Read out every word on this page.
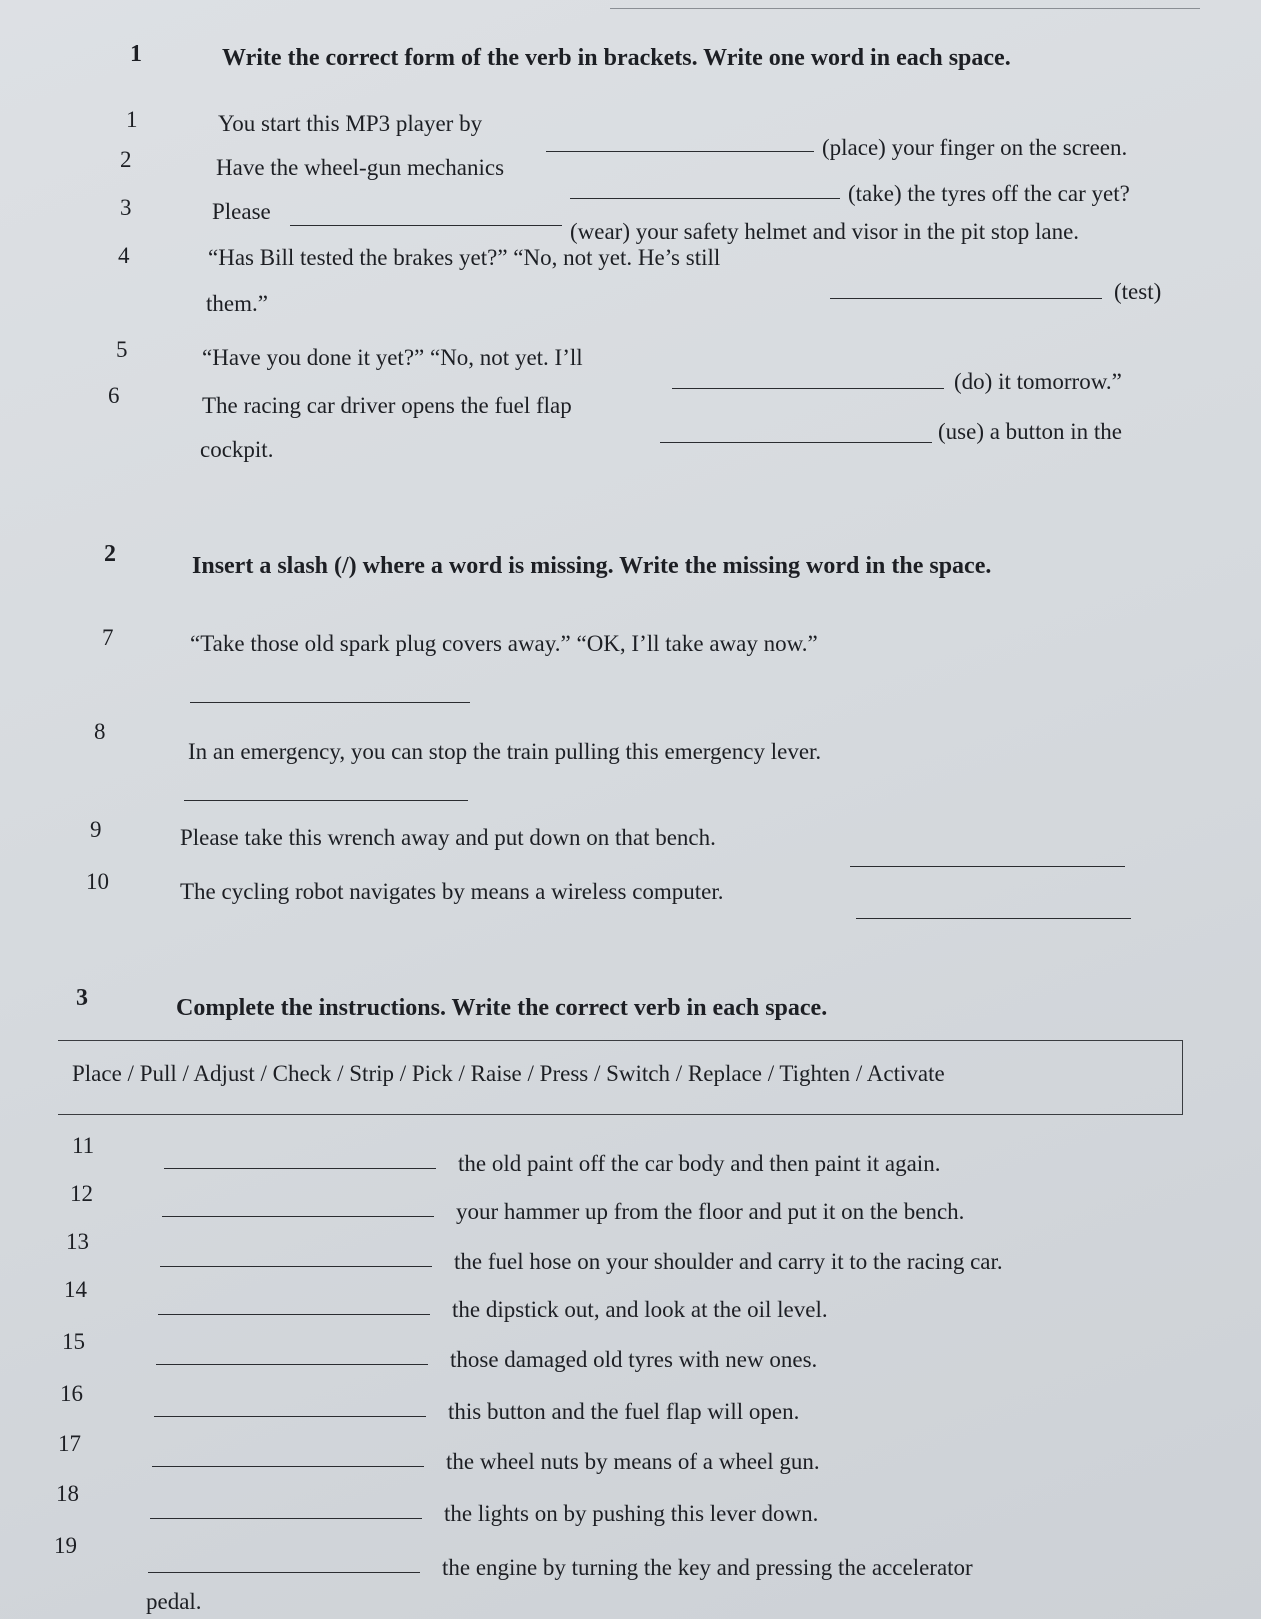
1	Write the correct form of the verb in brackets. Write one word in each space.
1	You start this MP3 player by
(place) your finger on the screen.
2	Have the wheel-gun mechanics
(take) the tyres off the car yet?
3	Please
(wear) your safety helmet and visor in the pit stop lane.
4	“Has Bill tested the brakes yet?” “No, not yet. He’s still
(test)
them.”
5	“Have you done it yet?” “No, not yet. I’ll
(do) it tomorrow.”
6	The racing car driver opens the fuel flap
(use) a button in the
cockpit.
2	Insert a slash (/) where a word is missing. Write the missing word in the space.
7	“Take those old spark plug covers away.” “OK, I’ll take away now.”
8
In an emergency, you can stop the train pulling this emergency lever.
9	Please take this wrench away and put down on that bench.
10	The cycling robot navigates by means a wireless computer.
3	Complete the instructions. Write the correct verb in each space.
Place / Pull / Adjust / Check / Strip / Pick / Raise / Press / Switch / Replace / Tighten / Activate
11
the old paint off the car body and then paint it again.
12
your hammer up from the floor and put it on the bench.
13
the fuel hose on your shoulder and carry it to the racing car.
14
the dipstick out, and look at the oil level.
15
those damaged old tyres with new ones.
16
this button and the fuel flap will open.
17
the wheel nuts by means of a wheel gun.
18
the lights on by pushing this lever down.
19
the engine by turning the key and pressing the accelerator
pedal.
